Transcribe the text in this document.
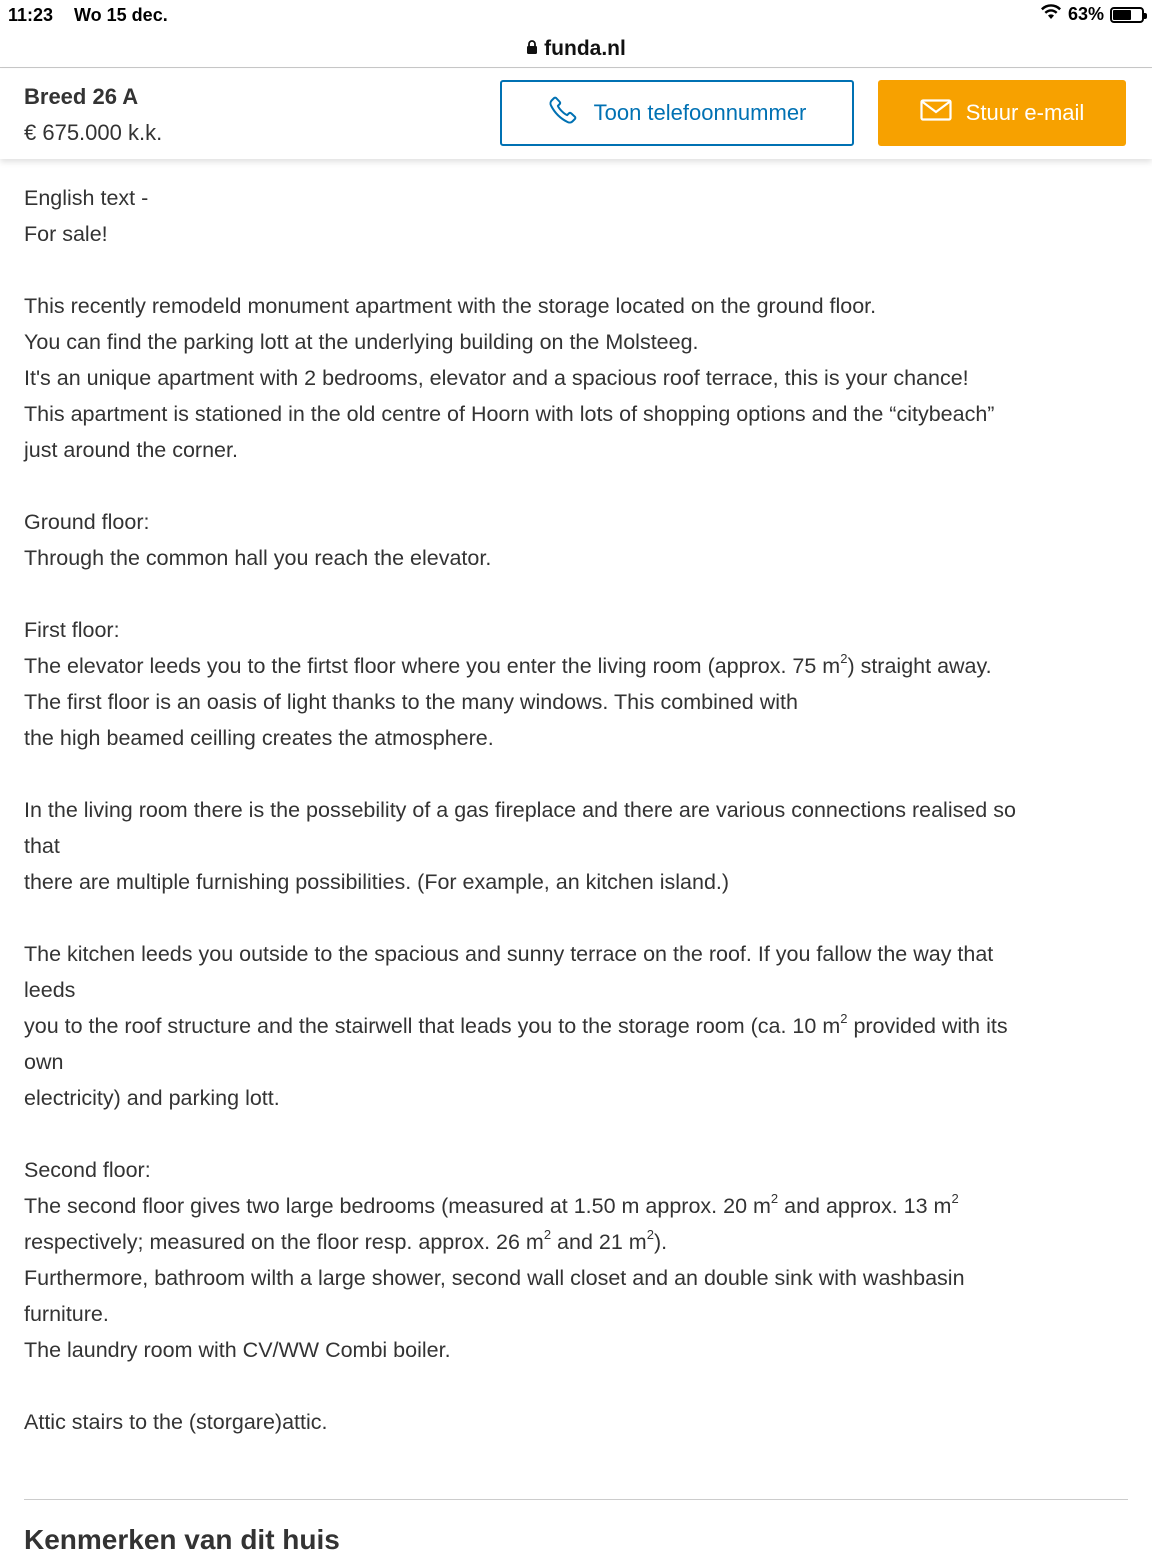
11:23 Wo 15 dec.	63%
funda.nl
Breed 26 A
€ 675.000 k.k.
Toon telefoonnummer	Stuur e-mail
English text -
For sale!
This recently remodeld monument apartment with the storage located on the ground floor.
You can find the parking lott at the underlying building on the Molsteeg.
It's an unique apartment with 2 bedrooms, elevator and a spacious roof terrace, this is your chance!
This apartment is stationed in the old centre of Hoorn with lots of shopping options and the “citybeach”
just around the corner.
Ground floor:
Through the common hall you reach the elevator.
First floor:
The elevator leeds you to the firtst floor where you enter the living room (approx. 75 $m^2$) straight away.
The first floor is an oasis of light thanks to the many windows. This combined with
the high beamed ceilling creates the atmosphere.
In the living room there is the possebility of a gas fireplace and there are various connections realised so
that
there are multiple furnishing possibilities. (For example, an kitchen island.)
The kitchen leeds you outside to the spacious and sunny terrace on the roof. If you fallow the way that
leeds
you to the roof structure and the stairwell that leads you to the storage room (ca. 10 $m^2$ provided with its
own
electricity) and parking lott.
Second floor:
The second floor gives two large bedrooms (measured at 1.50 m approx. 20 $m^2$ and approx. 13 $m^2$
respectively; measured on the floor resp. approx. 26 $m^2$ and 21 $m^2$).
Furthermore, bathroom wilth a large shower, second wall closet and an double sink with washbasin
furniture.
The laundry room with CV/WW Combi boiler.
Attic stairs to the (storgare)attic.
Kenmerken van dit huis
